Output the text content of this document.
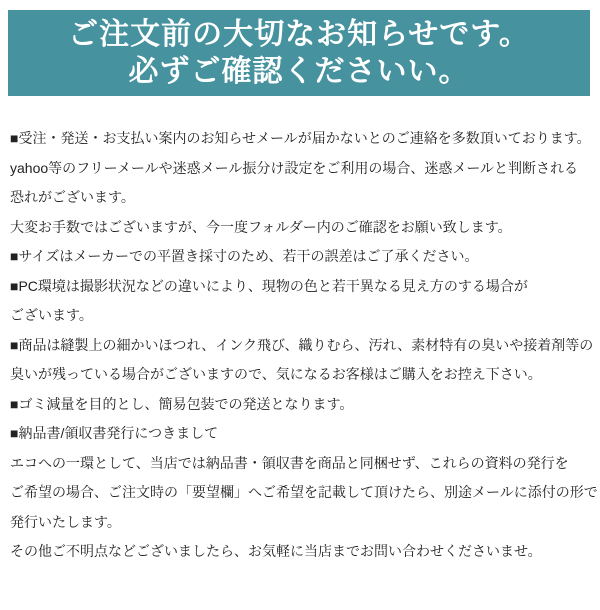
ご注文前の大切なお知らせです。
必ずご確認くださいい。
■受注・発送・お支払い案内のお知らせメールが届かないとのご連絡を多数頂いております。
yahoo等のフリーメールや迷惑メール振分け設定をご利用の場合、迷惑メールと判断される
恐れがございます。
大変お手数ではございますが、今一度フォルダー内のご確認をお願い致します。
■サイズはメーカーでの平置き採寸のため、若干の誤差はご了承ください。
■PC環境は撮影状況などの違いにより、現物の色と若干異なる見え方のする場合が
ございます。
■商品は縫製上の細かいほつれ、インク飛び、織りむら、汚れ、素材特有の臭いや接着剤等の
臭いが残っている場合がございますので、気になるお客様はご購入をお控え下さい。
■ゴミ減量を目的とし、簡易包装での発送となります。
■納品書/領収書発行につきまして
エコへの一環として、当店では納品書・領収書を商品と同梱せず、これらの資料の発行を
ご希望の場合、ご注文時の「要望欄」へご希望を記載して頂けたら、別途メールに添付の形で
発行いたします。
その他ご不明点などございましたら、お気軽に当店までお問い合わせくださいませ。
